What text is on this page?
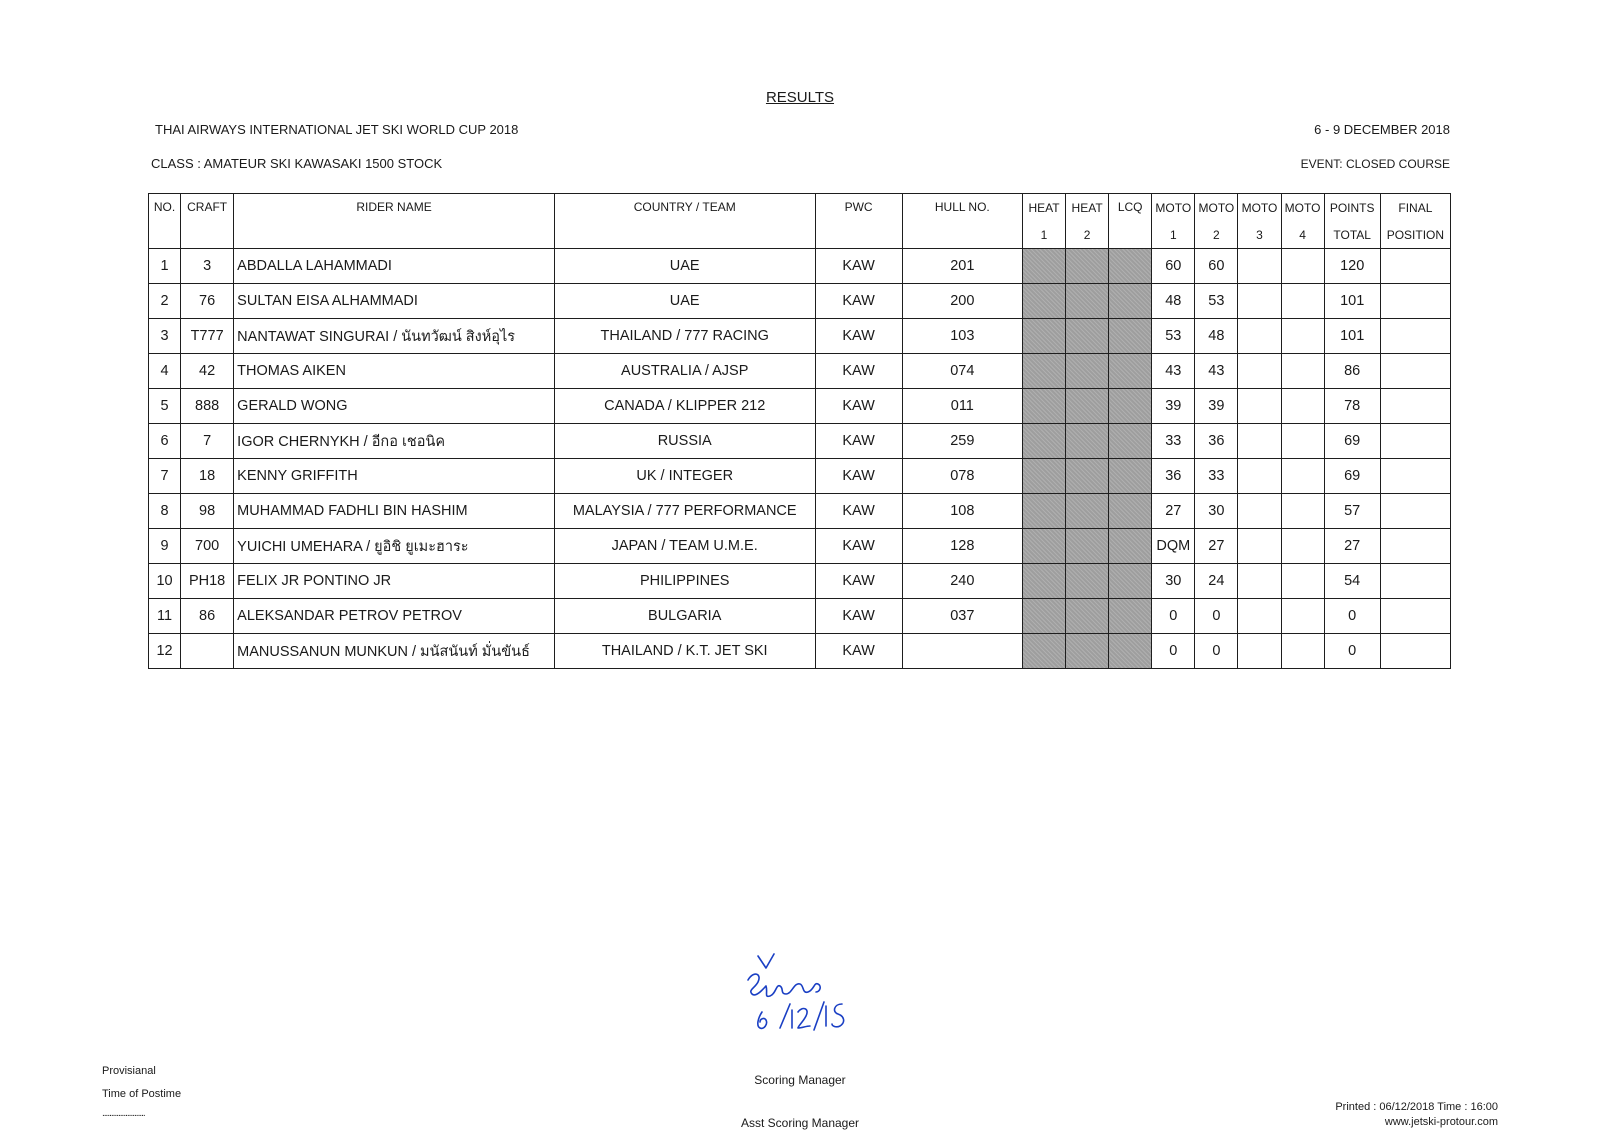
RESULTS
THAI AIRWAYS INTERNATIONAL JET SKI WORLD CUP 2018	6 - 9 DECEMBER 2018
CLASS : AMATEUR SKI KAWASAKI 1500 STOCK	EVENT: CLOSED COURSE
NO.	CRAFT	RIDER NAME	COUNTRY / TEAM	PWC	HULL NO.	HEAT	HEAT	LCQ	MOTO	MOTO	MOTO	MOTO	POINTS	FINAL
						1	2		1	2	3	4	TOTAL	POSITION
1	3	ABDALLA LAHAMMADI	UAE	KAW	201				60	60			120	
2	76	SULTAN EISA ALHAMMADI	UAE	KAW	200				48	53			101	
3	T777	NANTAWAT SINGURAI / นันทวัฒน์ สิงห์อุไร	THAILAND / 777 RACING	KAW	103				53	48			101	
4	42	THOMAS AIKEN	AUSTRALIA / AJSP	KAW	074				43	43			86	
5	888	GERALD WONG	CANADA / KLIPPER 212	KAW	011				39	39			78	
6	7	IGOR CHERNYKH / อีกอ เชอนิค	RUSSIA	KAW	259				33	36			69	
7	18	KENNY GRIFFITH	UK / INTEGER	KAW	078				36	33			69	
8	98	MUHAMMAD FADHLI BIN HASHIM	MALAYSIA / 777 PERFORMANCE	KAW	108				27	30			57	
9	700	YUICHI UMEHARA / ยูอิชิ ยูเมะฮาระ	JAPAN / TEAM U.M.E.	KAW	128				DQM	27			27	
10	PH18	FELIX JR PONTINO JR	PHILIPPINES	KAW	240				30	24			54	
11	86	ALEKSANDAR PETROV PETROV	BULGARIA	KAW	037				0	0			0	
12		MANUSSANUN MUNKUN / มนัสนันท์ มั่นขันธ์	THAILAND / K.T. JET SKI	KAW					0	0			0	
Provisianal
Time of Postime
........................
Scoring Manager
Asst Scoring Manager
Printed : 06/12/2018 Time : 16:00
www.jetski-protour.com
